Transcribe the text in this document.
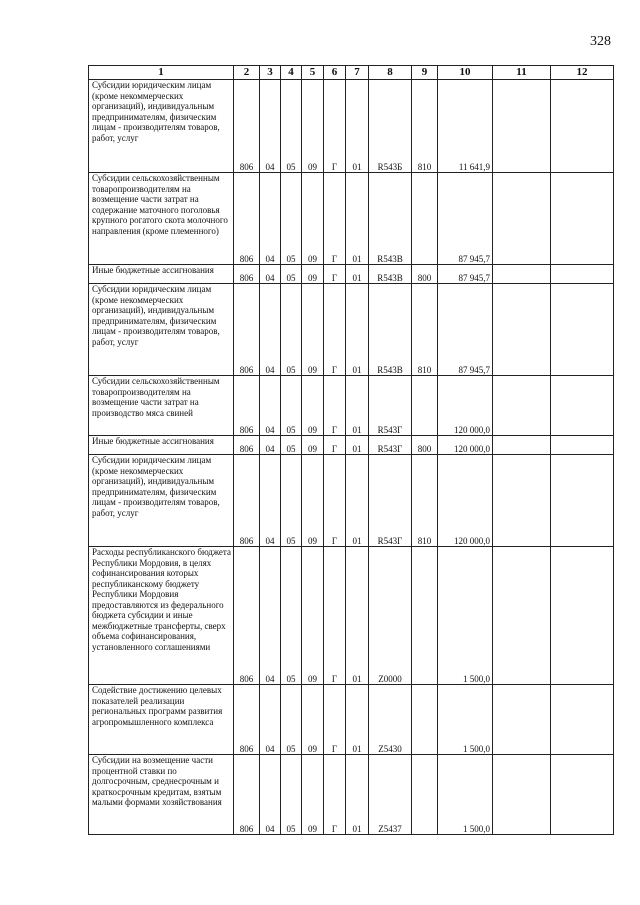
328
1	2	3	4	5	6	7	8	9	10	11	12
Субсидии юридическим лицам (кроме некоммерческих организаций), индивидуальным предпринимателям, физическим лицам - производителям товаров, работ, услуг	806	04	05	09	Г	01	R543Б	810	11 641,9		
Субсидии сельскохозяйственным товаропроизводителям на возмещение части затрат на содержание маточного поголовья крупного рогатого скота молочного направления (кроме племенного)	806	04	05	09	Г	01	R543В		87 945,7		
Иные бюджетные ассигнования	806	04	05	09	Г	01	R543В	800	87 945,7		
Субсидии юридическим лицам (кроме некоммерческих организаций), индивидуальным предпринимателям, физическим лицам - производителям товаров, работ, услуг	806	04	05	09	Г	01	R543В	810	87 945,7		
Субсидии сельскохозяйственным товаропроизводителям на возмещение части затрат на производство мяса свиней	806	04	05	09	Г	01	R543Г		120 000,0		
Иные бюджетные ассигнования	806	04	05	09	Г	01	R543Г	800	120 000,0		
Субсидии юридическим лицам (кроме некоммерческих организаций), индивидуальным предпринимателям, физическим лицам - производителям товаров, работ, услуг	806	04	05	09	Г	01	R543Г	810	120 000,0		
Расходы республиканского бюджета Республики Мордовия, в целях софинансирования которых республиканскому бюджету Республики Мордовия предоставляются из федерального бюджета субсидии и иные межбюджетные трансферты, сверх объема софинансирования, установленного соглашениями	806	04	05	09	Г	01	Z0000		1 500,0		
Содействие достижению целевых показателей реализации региональных программ развития агропромышленного комплекса	806	04	05	09	Г	01	Z5430		1 500,0		
Субсидии на возмещение части процентной ставки по долгосрочным, среднесрочным и краткосрочным кредитам, взятым малыми формами хозяйствования	806	04	05	09	Г	01	Z5437		1 500,0		
